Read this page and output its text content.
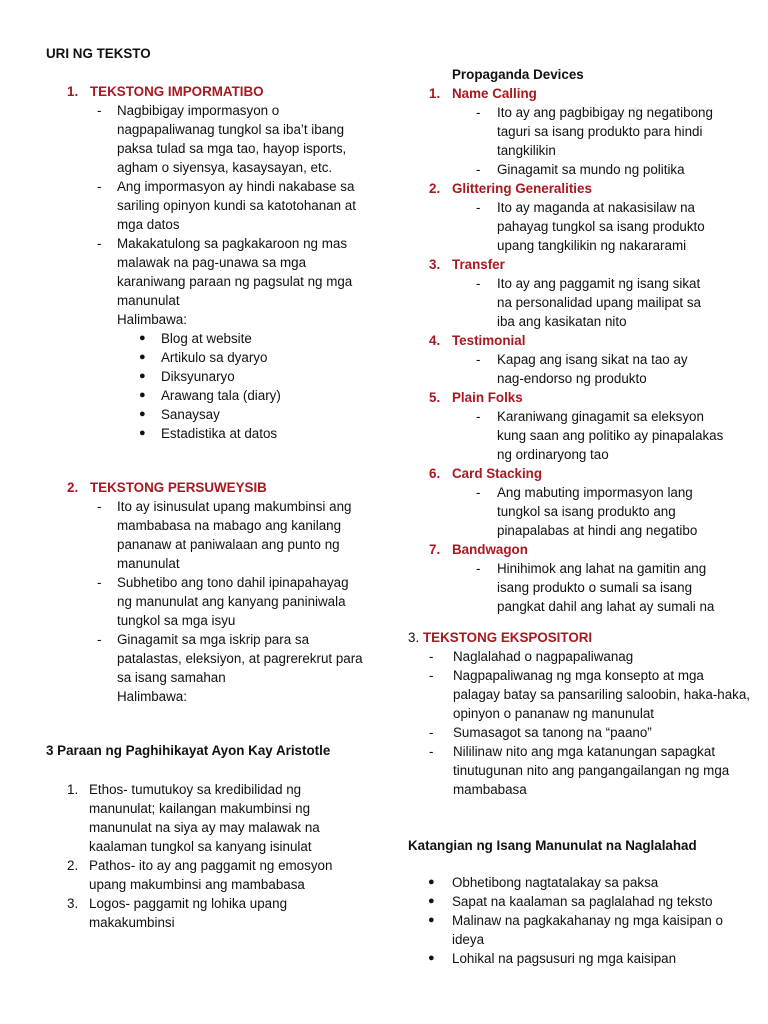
URI NG TEKSTO
1. TEKSTONG IMPORMATIBO
- Nagbibigay impormasyon o nagpapaliwanag tungkol sa iba’t ibang paksa tulad sa mga tao, hayop isports, agham o siyensya, kasaysayan, etc.

- Ang impormasyon ay hindi nakabase sa sariling opinyon kundi sa katotohanan at mga datos

- Makakatulong sa pagkakaroon ng mas malawak na pag-unawa sa mga karaniwang paraan ng pagsulat ng mga manunulat

Halimbawa:

● Blog at website

● Artikulo sa dyaryo

● Diksyunaryo

● Arawang tala (diary)

● Sanaysay

● Estadistika at datos

2. TEKSTONG PERSUWEYSIB
- Ito ay isinusulat upang makumbinsi ang mambabasa na mabago ang kanilang pananaw at paniwalaan ang punto ng manunulat

- Subhetibo ang tono dahil ipinapahayag ng manunulat ang kanyang paniniwala tungkol sa mga isyu

- Ginagamit sa mga iskrip para sa patalastas, eleksiyon, at pagrerekrut para sa isang samahan

Halimbawa:

3 Paraan ng Paghihikayat Ayon Kay Aristotle
1. Ethos- tumutukoy sa kredibilidad ng manunulat; kailangan makumbinsi ng manunulat na siya ay may malawak na kaalaman tungkol sa kanyang isinulat

2. Pathos- ito ay ang paggamit ng emosyon upang makumbinsi ang mambabasa

3. Logos- paggamit ng lohika upang makakumbinsi

Propaganda Devices
1. Name Calling
- Ito ay ang pagbibigay ng negatibong taguri sa isang produkto para hindi tangkilikin

- Ginagamit sa mundo ng politika

2. Glittering Generalities
- Ito ay maganda at nakasisilaw na pahayag tungkol sa isang produkto upang tangkilikin ng nakararami

3. Transfer
- Ito ay ang paggamit ng isang sikat na personalidad upang mailipat sa iba ang kasikatan nito

4. Testimonial
- Kapag ang isang sikat na tao ay nag-endorso ng produkto

5. Plain Folks
- Karaniwang ginagamit sa eleksyon kung saan ang politiko ay pinapalakas ng ordinaryong tao

6. Card Stacking
- Ang mabuting impormasyon lang tungkol sa isang produkto ang pinapalabas at hindi ang negatibo

7. Bandwagon
- Hinihimok ang lahat na gamitin ang isang produkto o sumali sa isang pangkat dahil ang lahat ay sumali na

3. TEKSTONG EKSPOSITORI
- Naglalahad o nagpapaliwanag

- Nagpapaliwanag ng mga konsepto at mga palagay batay sa pansariling saloobin, haka-haka, opinyon o pananaw ng manunulat

- Sumasagot sa tanong na “paano”

- Nililinaw nito ang mga katanungan sapagkat tinutugunan nito ang pangangailangan ng mga mambabasa

Katangian ng Isang Manunulat na Naglalahad
● Obhetibong nagtatalakay sa paksa

● Sapat na kaalaman sa paglalahad ng teksto

● Malinaw na pagkakahanay ng mga kaisipan o ideya

● Lohikal na pagsusuri ng mga kaisipan
